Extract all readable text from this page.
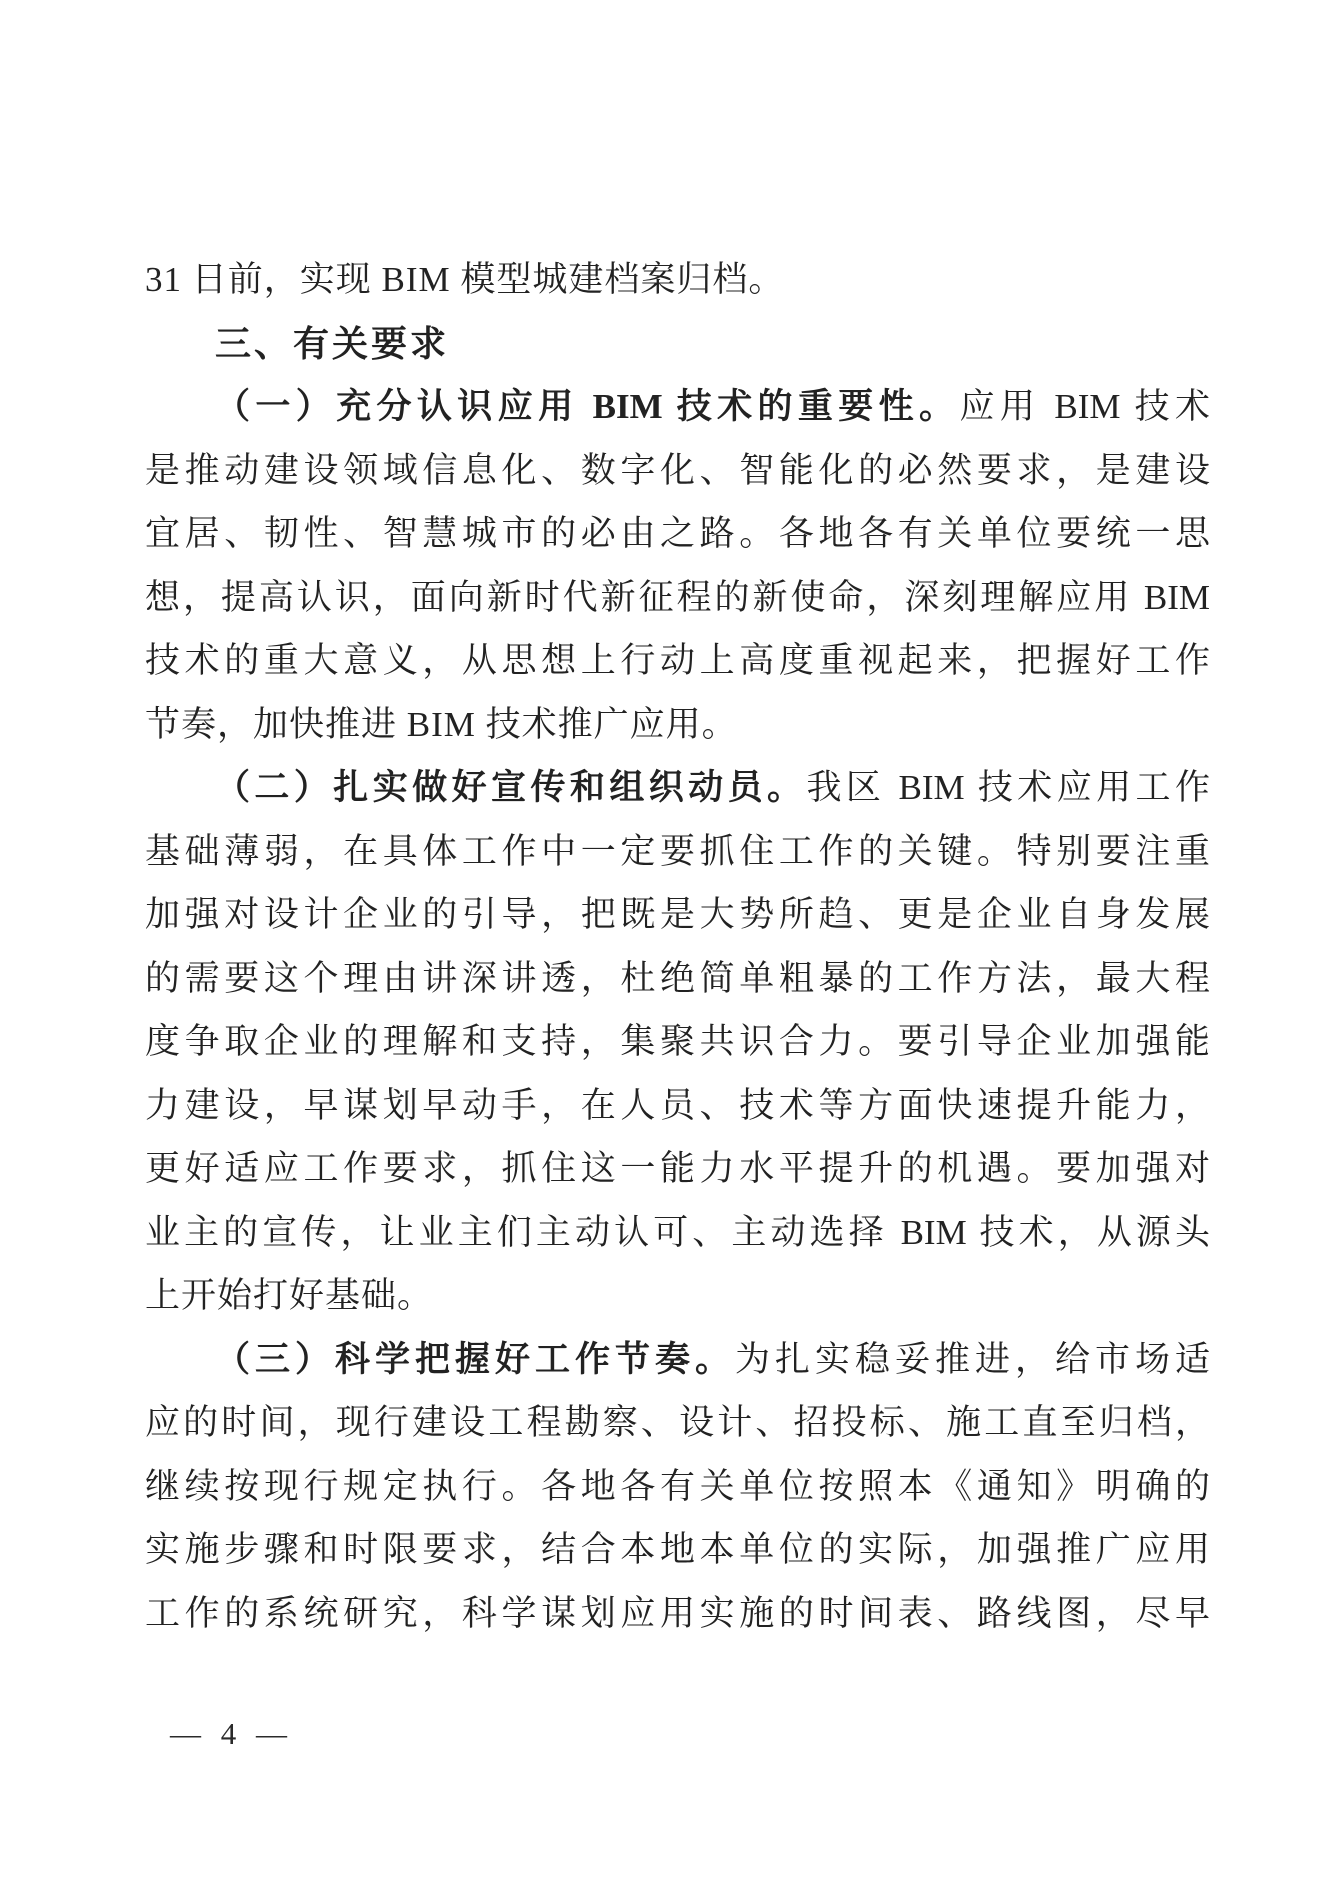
31 日前，实现 BIM 模型城建档案归档。
三、有关要求
（一）充分认识应用 BIM 技术的重要性。应用 BIM 技术
是推动建设领域信息化、数字化、智能化的必然要求，是建设
宜居、韧性、智慧城市的必由之路。各地各有关单位要统一思
想，提高认识，面向新时代新征程的新使命，深刻理解应用 BIM
技术的重大意义，从思想上行动上高度重视起来，把握好工作
节奏，加快推进 BIM 技术推广应用。
（二）扎实做好宣传和组织动员。我区 BIM 技术应用工作
基础薄弱，在具体工作中一定要抓住工作的关键。特别要注重
加强对设计企业的引导，把既是大势所趋、更是企业自身发展
的需要这个理由讲深讲透，杜绝简单粗暴的工作方法，最大程
度争取企业的理解和支持，集聚共识合力。要引导企业加强能
力建设，早谋划早动手，在人员、技术等方面快速提升能力，
更好适应工作要求，抓住这一能力水平提升的机遇。要加强对
业主的宣传，让业主们主动认可、主动选择 BIM 技术，从源头
上开始打好基础。
（三）科学把握好工作节奏。为扎实稳妥推进，给市场适
应的时间，现行建设工程勘察、设计、招投标、施工直至归档，
继续按现行规定执行。各地各有关单位按照本《通知》明确的
实施步骤和时限要求，结合本地本单位的实际，加强推广应用
工作的系统研究，科学谋划应用实施的时间表、路线图，尽早
— 4 —
